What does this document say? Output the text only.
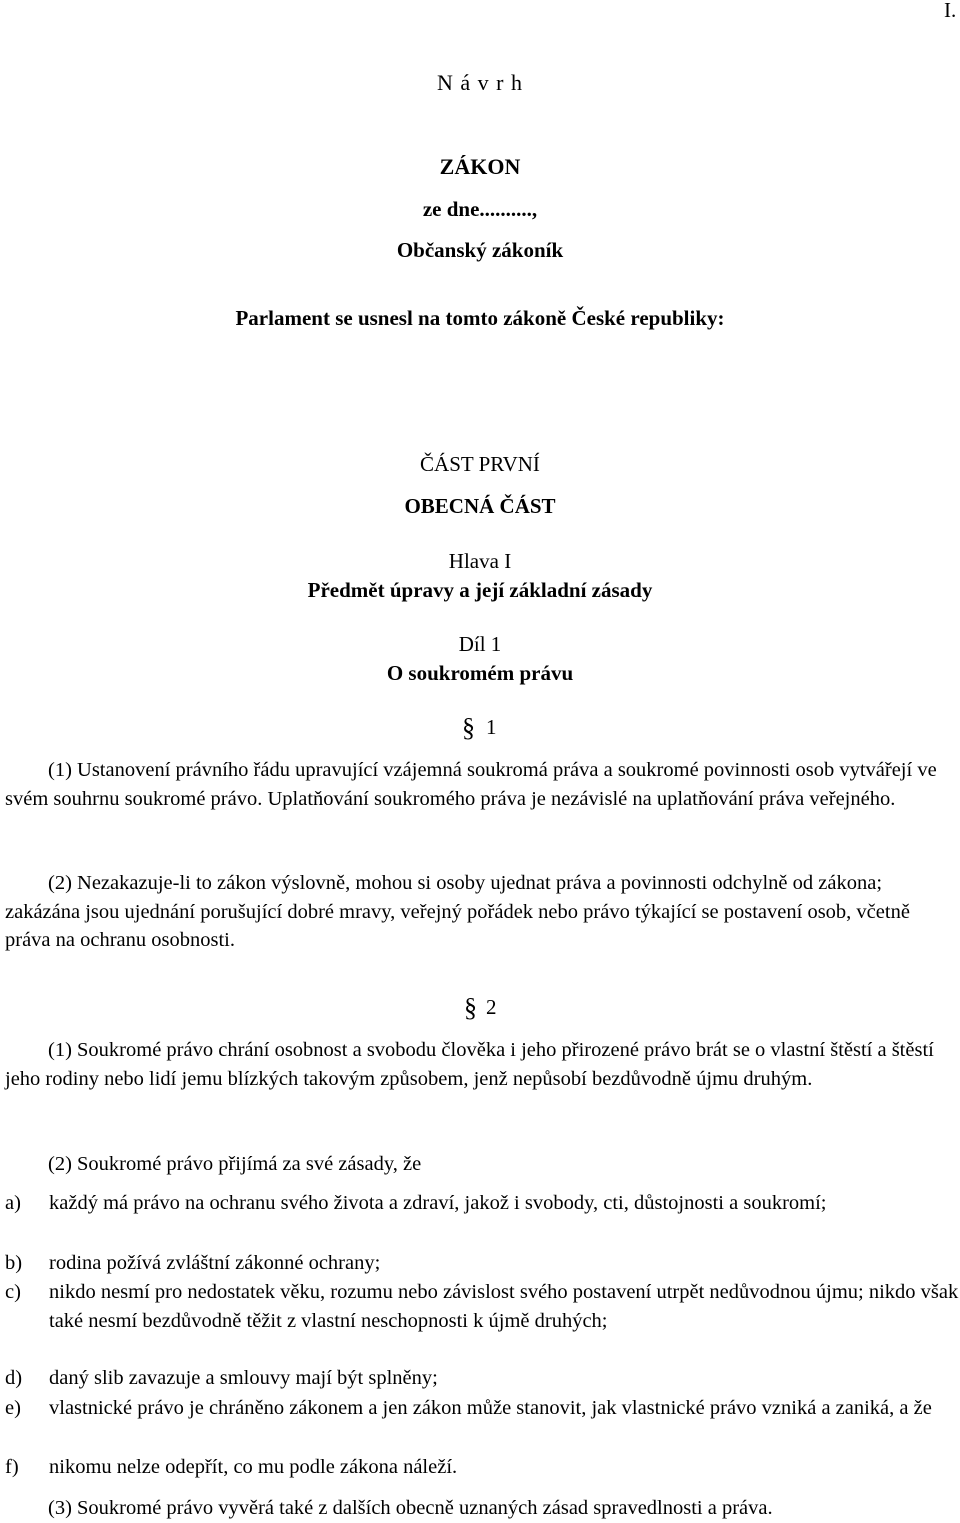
I.
N á v r h
ZÁKON
ze dne..........,
Občanský zákoník
Parlament se usnesl na tomto zákoně České republiky:
ČÁST PRVNÍ
OBECNÁ ČÁST
Hlava I
Předmět úpravy a její základní zásady
Díl 1
O soukromém právu
§ 1
(1) Ustanovení právního řádu upravující vzájemná soukromá práva a soukromé povinnosti osob vytvářejí ve svém souhrnu soukromé právo. Uplatňování soukromého práva je nezávislé na uplatňování práva veřejného.
(2) Nezakazuje-li to zákon výslovně, mohou si osoby ujednat práva a povinnosti odchylně od zákona; zakázána jsou ujednání porušující dobré mravy, veřejný pořádek nebo právo týkající se postavení osob, včetně práva na ochranu osobnosti.
§ 2
(1) Soukromé právo chrání osobnost a svobodu člověka i jeho přirozené právo brát se o vlastní štěstí a štěstí jeho rodiny nebo lidí jemu blízkých takovým způsobem, jenž nepůsobí bezdůvodně újmu druhým.
(2) Soukromé právo přijímá za své zásady, že
a) každý má právo na ochranu svého života a zdraví, jakož i svobody, cti, důstojnosti a soukromí;
b) rodina požívá zvláštní zákonné ochrany;
c) nikdo nesmí pro nedostatek věku, rozumu nebo závislost svého postavení utrpět nedůvodnou újmu; nikdo však také nesmí bezdůvodně těžit z vlastní neschopnosti k újmě druhých;
d) daný slib zavazuje a smlouvy mají být splněny;
e) vlastnické právo je chráněno zákonem a jen zákon může stanovit, jak vlastnické právo vzniká a zaniká, a že
f) nikomu nelze odepřít, co mu podle zákona náleží.
(3) Soukromé právo vyvěrá také z dalších obecně uznaných zásad spravedlnosti a práva.
